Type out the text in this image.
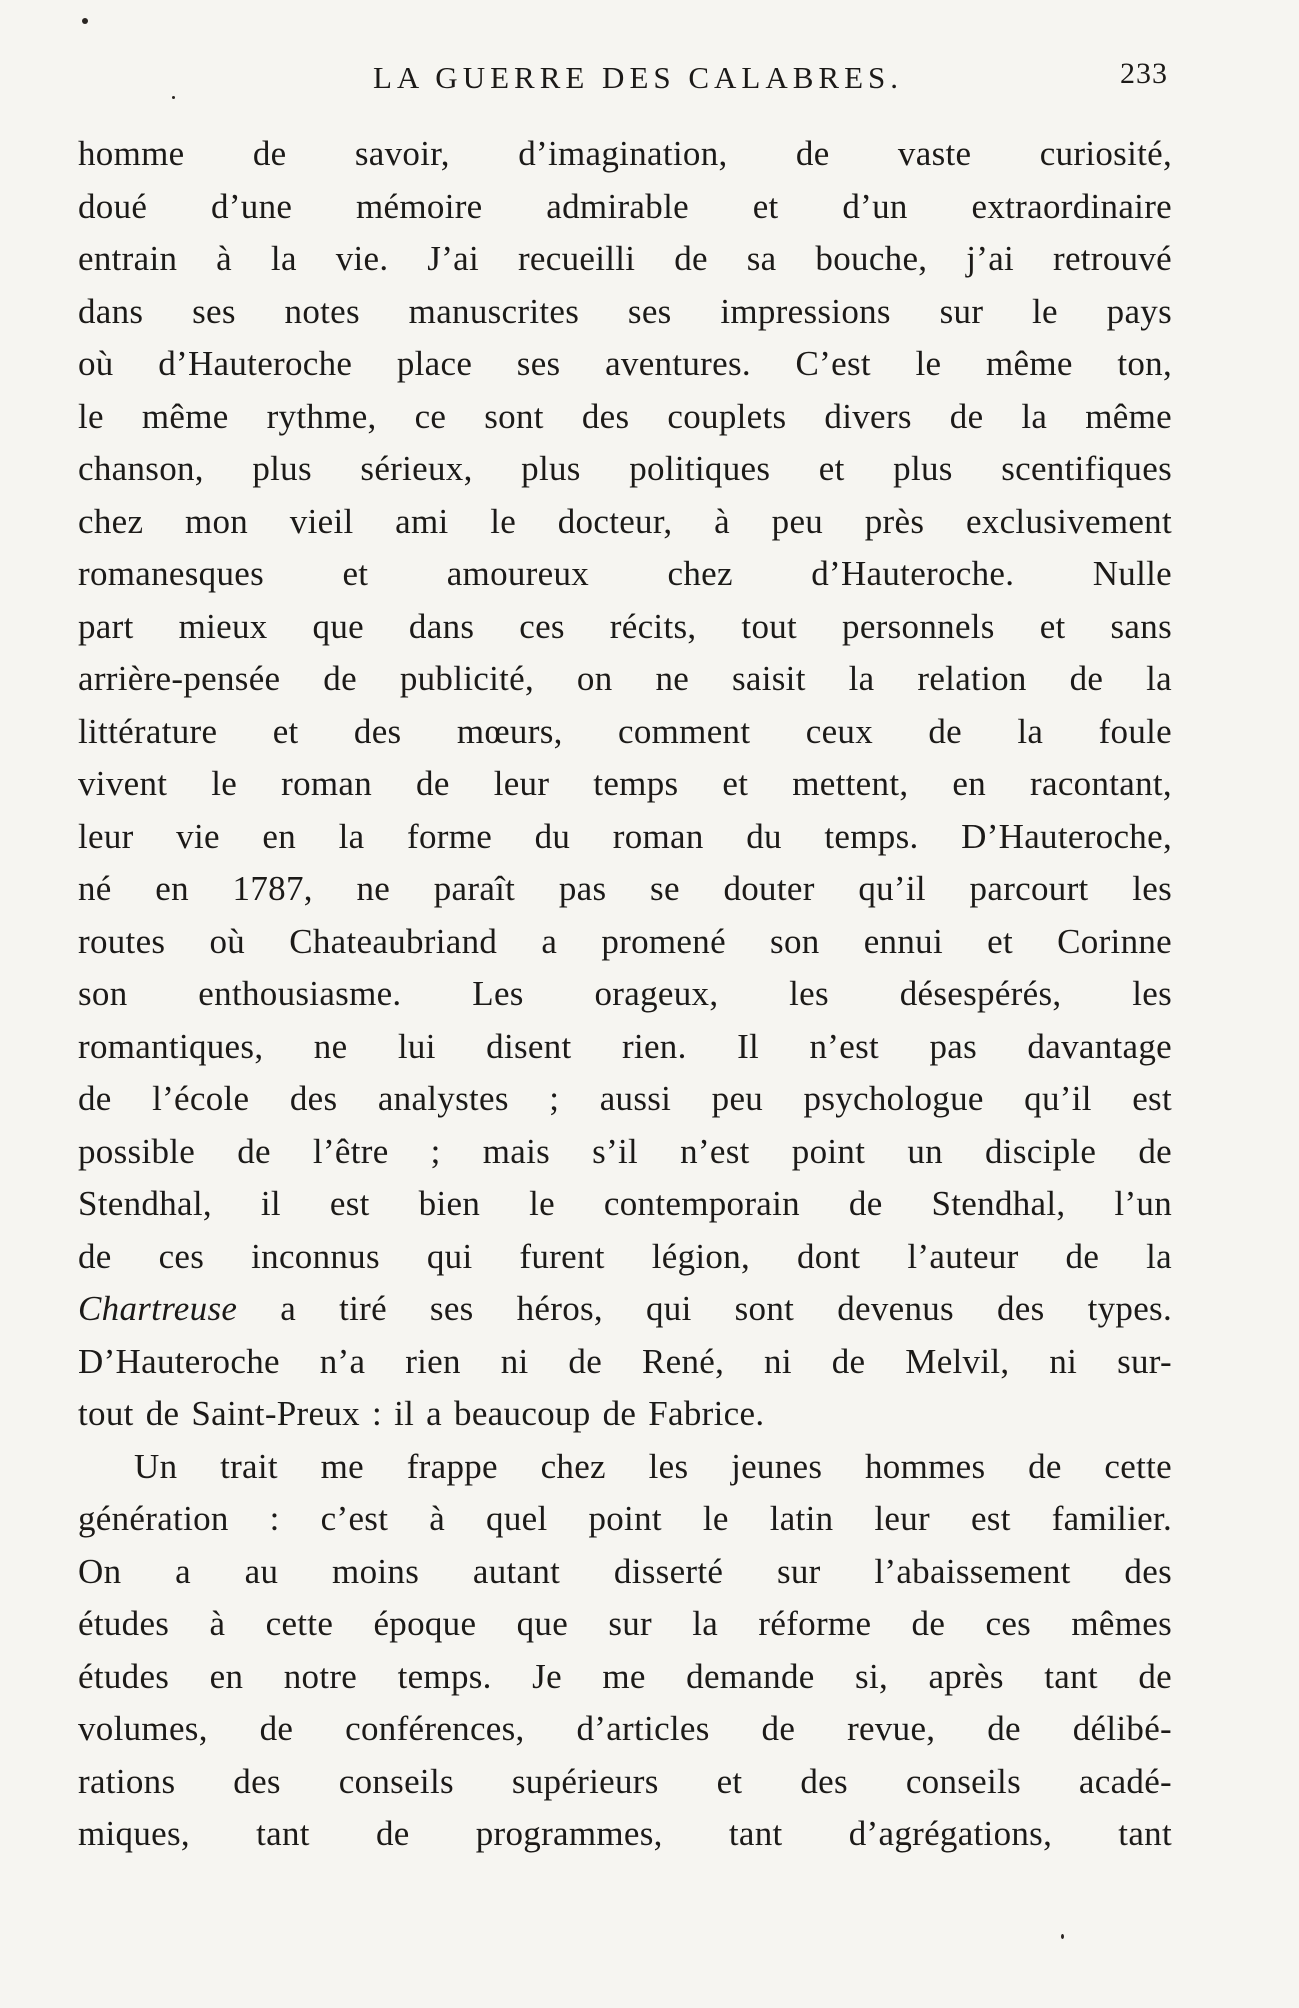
LA GUERRE DES CALABRES.	233
homme de savoir, d’imagination, de vaste curiosité,
doué d’une mémoire admirable et d’un extraordinaire
entrain à la vie. J’ai recueilli de sa bouche, j’ai retrouvé
dans ses notes manuscrites ses impressions sur le pays
où d’Hauteroche place ses aventures. C’est le même ton,
le même rythme, ce sont des couplets divers de la même
chanson, plus sérieux, plus politiques et plus scentifiques
chez mon vieil ami le docteur, à peu près exclusivement
romanesques et amoureux chez d’Hauteroche. Nulle
part mieux que dans ces récits, tout personnels et sans
arrière-pensée de publicité, on ne saisit la relation de la
littérature et des mœurs, comment ceux de la foule
vivent le roman de leur temps et mettent, en racontant,
leur vie en la forme du roman du temps. D’Hauteroche,
né en 1787, ne paraît pas se douter qu’il parcourt les
routes où Chateaubriand a promené son ennui et Corinne
son enthousiasme. Les orageux, les désespérés, les
romantiques, ne lui disent rien. Il n’est pas davantage
de l’école des analystes ; aussi peu psychologue qu’il est
possible de l’être ; mais s’il n’est point un disciple de
Stendhal, il est bien le contemporain de Stendhal, l’un
de ces inconnus qui furent légion, dont l’auteur de la
Chartreuse a tiré ses héros, qui sont devenus des types.
D’Hauteroche n’a rien ni de René, ni de Melvil, ni sur-
tout de Saint-Preux : il a beaucoup de Fabrice.
Un trait me frappe chez les jeunes hommes de cette
génération : c’est à quel point le latin leur est familier.
On a au moins autant disserté sur l’abaissement des
études à cette époque que sur la réforme de ces mêmes
études en notre temps. Je me demande si, après tant de
volumes, de conférences, d’articles de revue, de délibé-
rations des conseils supérieurs et des conseils acadé-
miques, tant de programmes, tant d’agrégations, tant
